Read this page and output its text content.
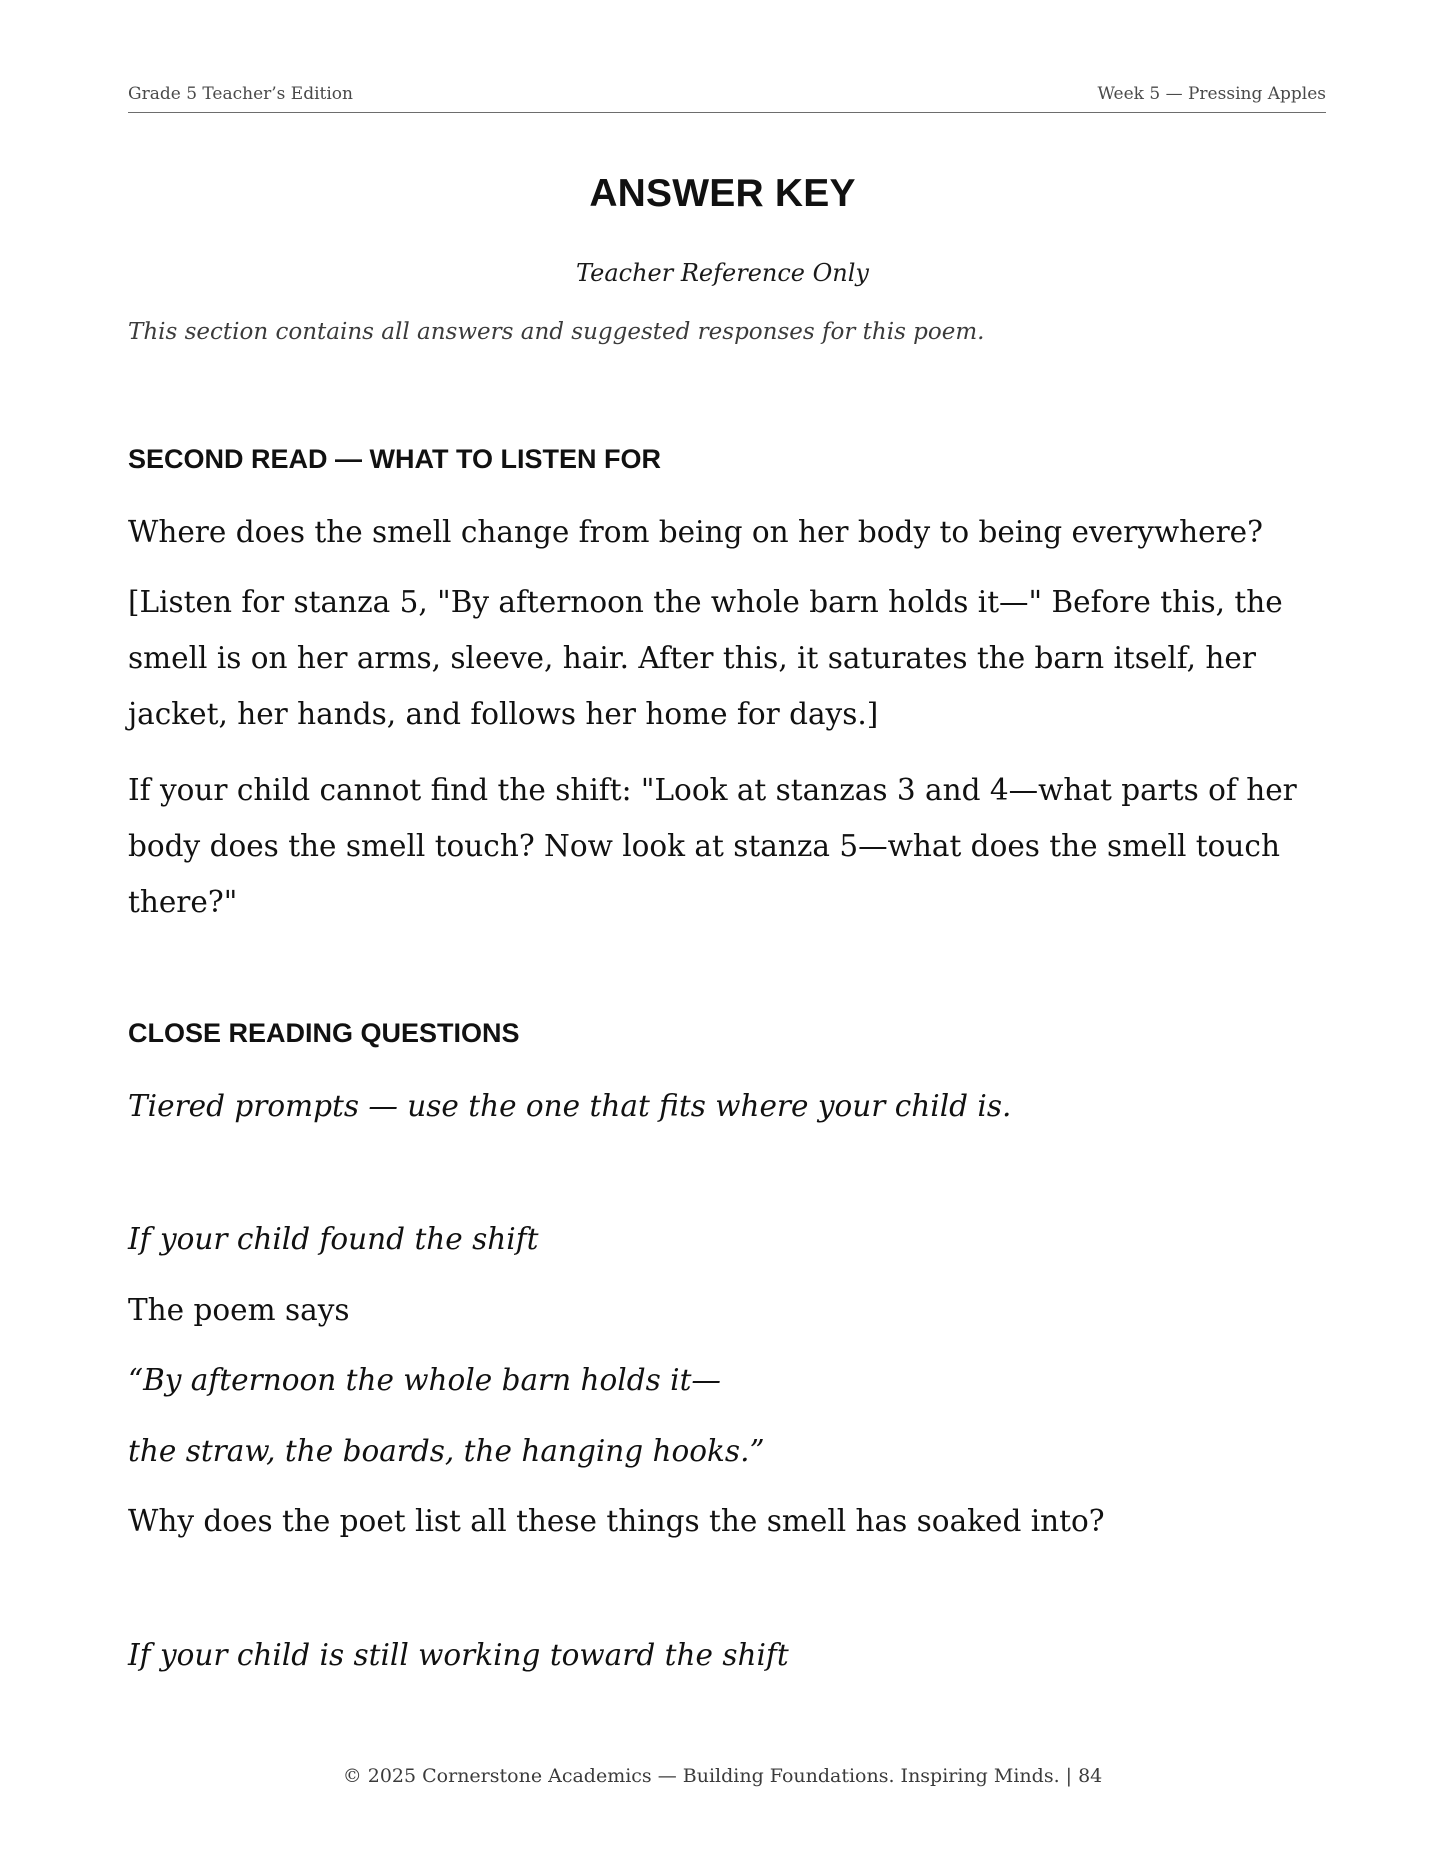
Grade 5 Teacher’s Edition	Week 5 — Pressing Apples
ANSWER KEY
Teacher Reference Only
This section contains all answers and suggested responses for this poem.
SECOND READ — WHAT TO LISTEN FOR
Where does the smell change from being on her body to being everywhere?
[Listen for stanza 5, "By afternoon the whole barn holds it—" Before this, the smell is on her arms, sleeve, hair. After this, it saturates the barn itself, her jacket, her hands, and follows her home for days.]
If your child cannot find the shift: "Look at stanzas 3 and 4—what parts of her body does the smell touch? Now look at stanza 5—what does the smell touch there?"
CLOSE READING QUESTIONS
Tiered prompts — use the one that fits where your child is.
If your child found the shift
The poem says
“By afternoon the whole barn holds it—
the straw, the boards, the hanging hooks.”
Why does the poet list all these things the smell has soaked into?
If your child is still working toward the shift
© 2025 Cornerstone Academics — Building Foundations. Inspiring Minds. | 84
